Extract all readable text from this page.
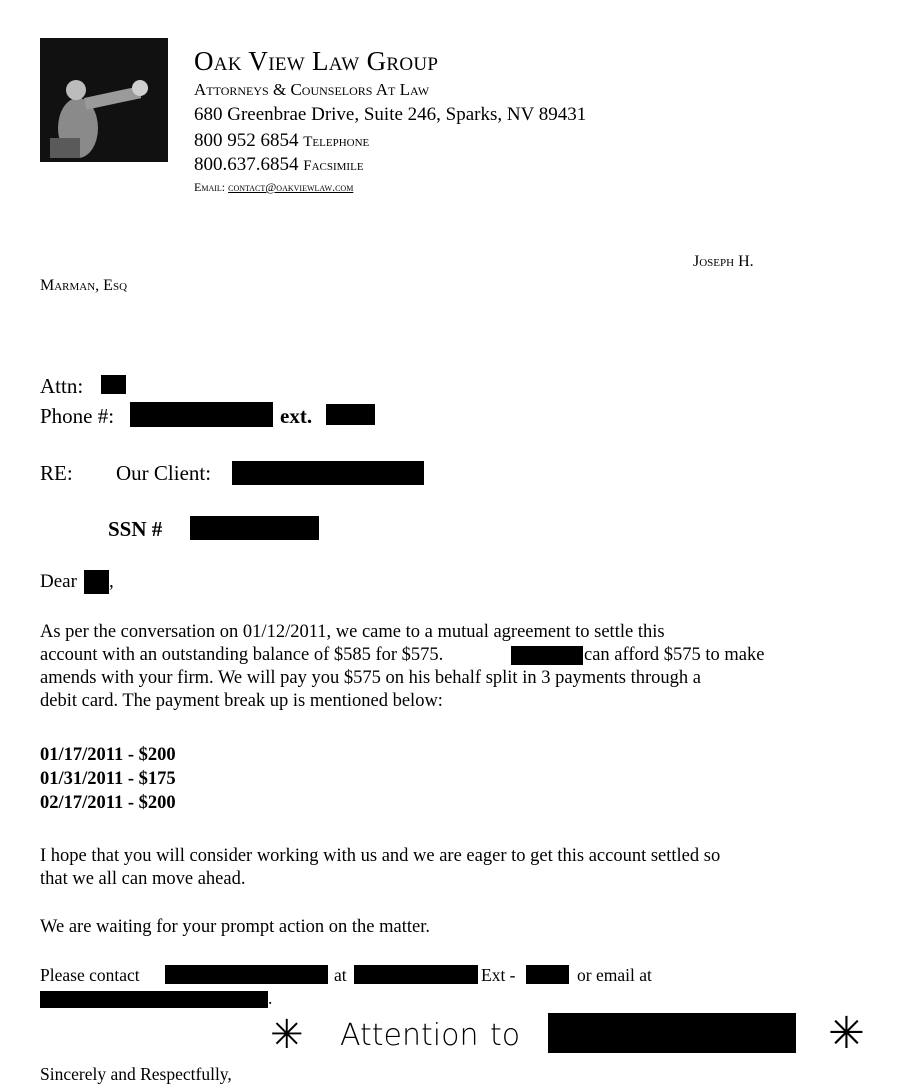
Oak View Law Group
Attorneys & Counselors At Law
680 Greenbrae Drive, Suite 246, Sparks, NV 89431
800 952 6854 Telephone
800.637.6854 Facsimile
Email: contact@oakviewlaw.com
Joseph H.
Marman, Esq
Attn:
Phone #:	ext.
RE: Our Client:
SSN #
Dear ,
As per the conversation on 01/12/2011, we came to a mutual agreement to settle this
account with an outstanding balance of $585 for $575.	can afford $575 to make
amends with your firm. We will pay you $575 on his behalf split in 3 payments through a
debit card. The payment break up is mentioned below:
01/17/2011 - $200
01/31/2011 - $175
02/17/2011 - $200
I hope that you will consider working with us and we are eager to get this account settled so
that we all can move ahead.
We are waiting for your prompt action on the matter.
Please contact	at	Ext -	or email at
.
✳ Attention to	✳
Sincerely and Respectfully,
